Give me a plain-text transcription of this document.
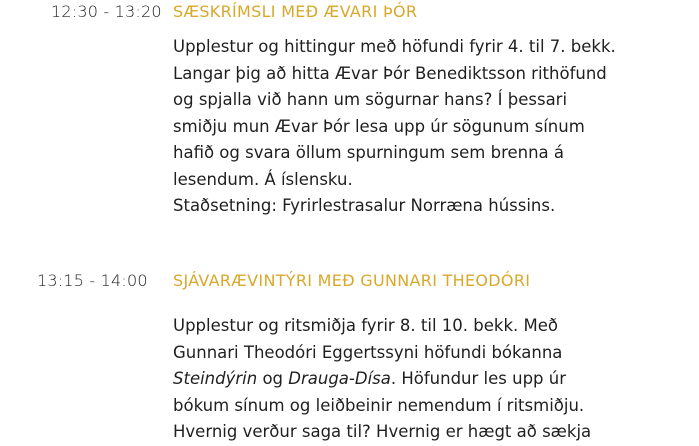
12:30 - 13:20 SÆSKRÍMSLI MEÐ ÆVARI ÞÓR
Upplestur og hittingur með höfundi fyrir 4. til 7. bekk.
Langar þig að hitta Ævar Þór Benediktsson rithöfund
og spjalla við hann um sögurnar hans? Í þessari
smiðju mun Ævar Þór lesa upp úr sögunum sínum
hafið og svara öllum spurningum sem brenna á
lesendum. Á íslensku.
Staðsetning: Fyrirlestrasalur Norræna hússins.
13:15 - 14:00 SJÁVARÆVINTÝRI MEÐ GUNNARI THEODÓRI
Upplestur og ritsmiðja fyrir 8. til 10. bekk. Með
Gunnari Theodóri Eggertssyni höfundi bókanna
Steindýrin og Drauga-Dísa. Höfundur les upp úr
bókum sínum og leiðbeinir nemendum í ritsmiðju.
Hvernig verður saga til? Hvernig er hægt að sækja
